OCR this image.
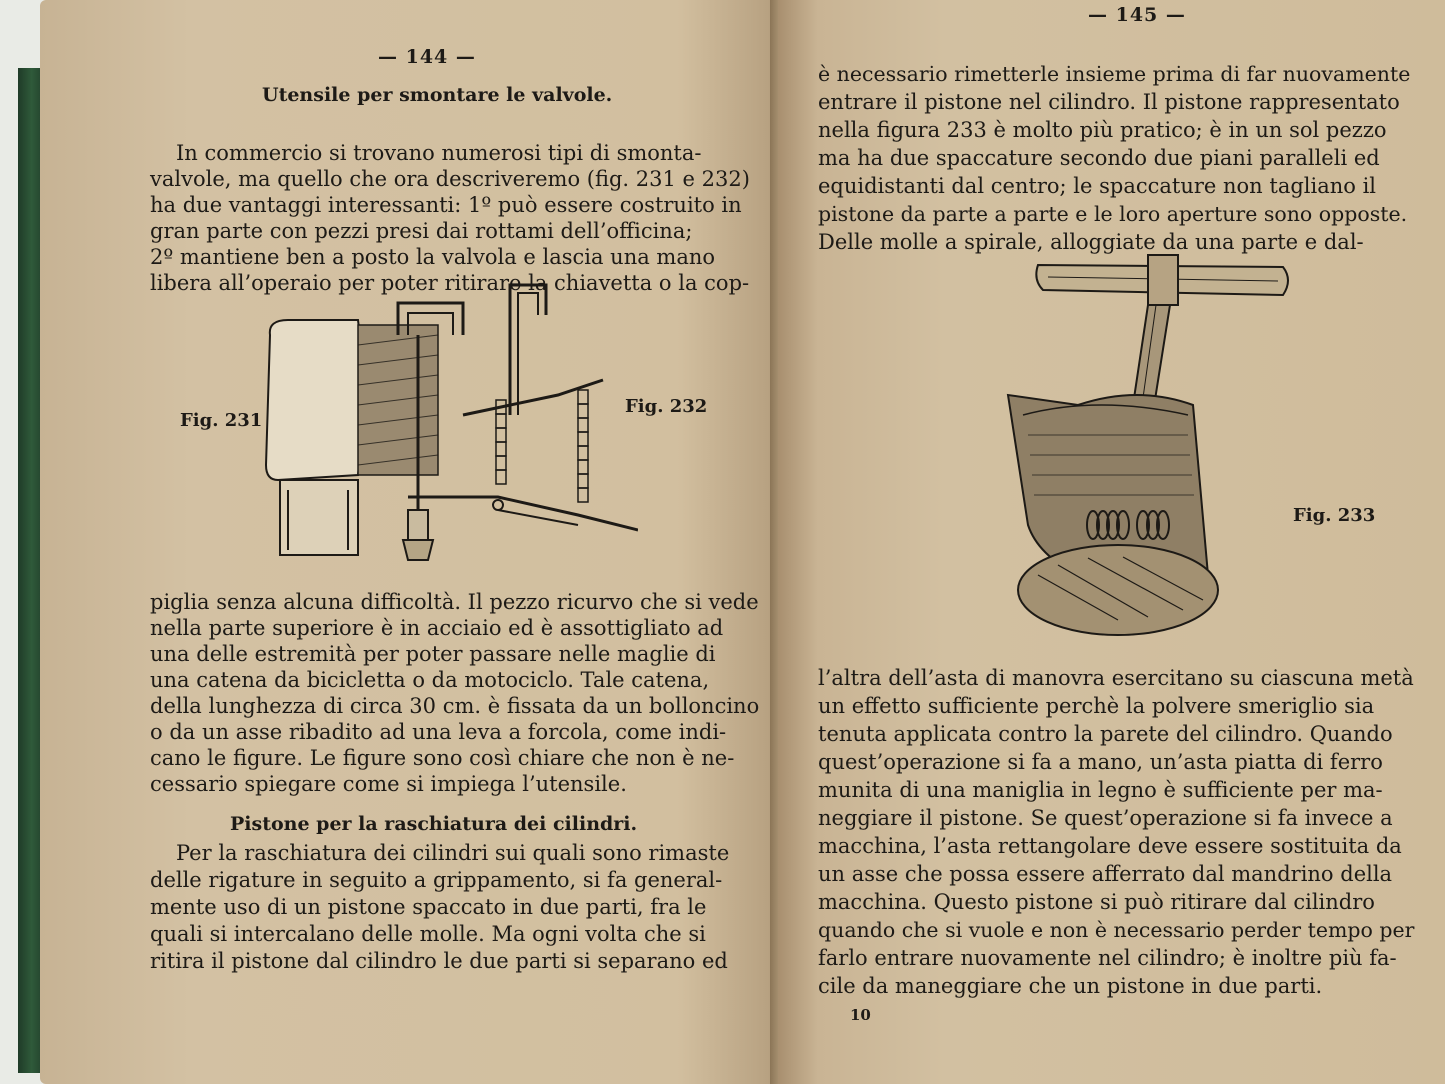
— 144 —
Utensile per smontare le valvole.
In commercio si trovano numerosi tipi di smonta-
valvole, ma quello che ora descriveremo (fig. 231 e 232)
ha due vantaggi interessanti: 1º può essere costruito in
gran parte con pezzi presi dai rottami dell’officina;
2º mantiene ben a posto la valvola e lascia una mano
libera all’operaio per poter ritirare la chiavetta o la cop-
Fig. 231
Fig. 232
piglia senza alcuna difficoltà. Il pezzo ricurvo che si vede
nella parte superiore è in acciaio ed è assottigliato ad
una delle estremità per poter passare nelle maglie di
una catena da bicicletta o da motociclo. Tale catena,
della lunghezza di circa 30 cm. è fissata da un bolloncino
o da un asse ribadito ad una leva a forcola, come indi-
cano le figure. Le figure sono così chiare che non è ne-
cessario spiegare come si impiega l’utensile.
Pistone per la raschiatura dei cilindri.
Per la raschiatura dei cilindri sui quali sono rimaste
delle rigature in seguito a grippamento, si fa general-
mente uso di un pistone spaccato in due parti, fra le
quali si intercalano delle molle. Ma ogni volta che si
ritira il pistone dal cilindro le due parti si separano ed
— 145 —
è necessario rimetterle insieme prima di far nuovamente
entrare il pistone nel cilindro. Il pistone rappresentato
nella figura 233 è molto più pratico; è in un sol pezzo
ma ha due spaccature secondo due piani paralleli ed
equidistanti dal centro; le spaccature non tagliano il
pistone da parte a parte e le loro aperture sono opposte.
Delle molle a spirale, alloggiate da una parte e dal-
Fig. 233
l’altra dell’asta di manovra esercitano su ciascuna metà
un effetto sufficiente perchè la polvere smeriglio sia
tenuta applicata contro la parete del cilindro. Quando
quest’operazione si fa a mano, un’asta piatta di ferro
munita di una maniglia in legno è sufficiente per ma-
neggiare il pistone. Se quest’operazione si fa invece a
macchina, l’asta rettangolare deve essere sostituita da
un asse che possa essere afferrato dal mandrino della
macchina. Questo pistone si può ritirare dal cilindro
quando che si vuole e non è necessario perder tempo per
farlo entrare nuovamente nel cilindro; è inoltre più fa-
cile da maneggiare che un pistone in due parti.
10
